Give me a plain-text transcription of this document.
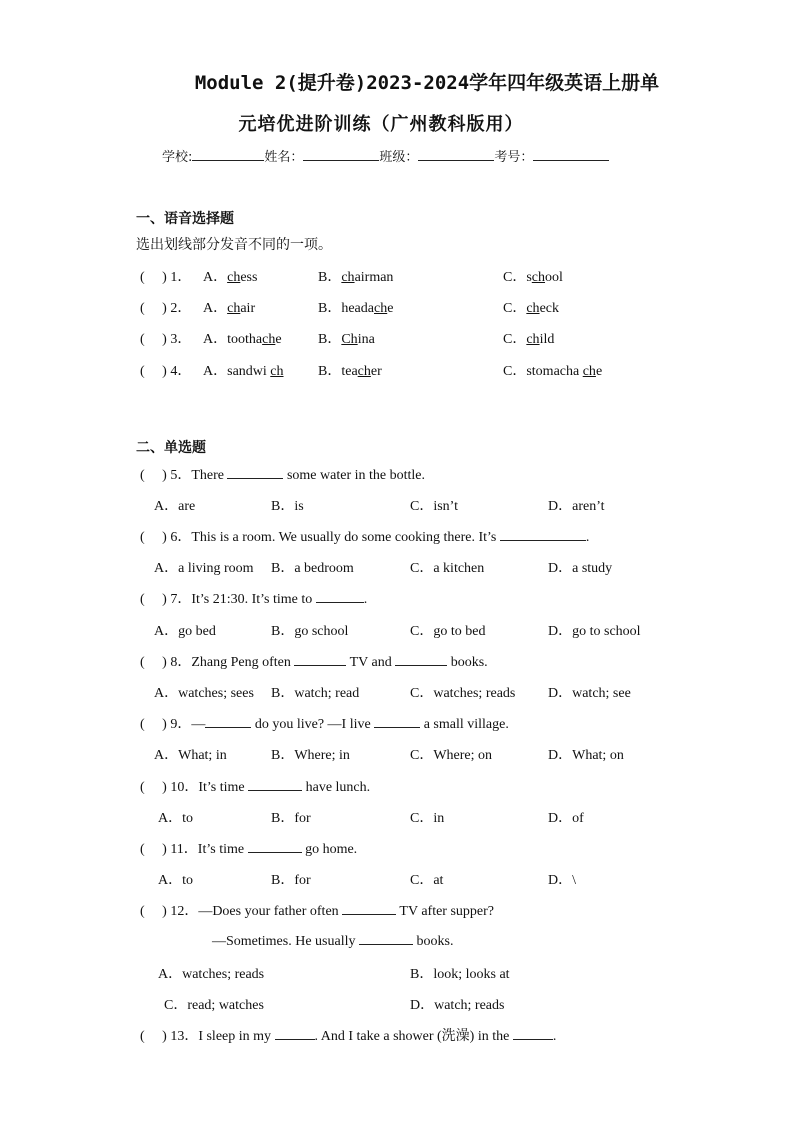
Module 2(提升卷)2023-2024学年四年级英语上册单
元培优进阶训练（广州教科版用）
学校:	姓名：	班级：	考号：
一、语音选择题
选出划线部分发音不同的一项。
(　 ) 1． A．chess	B．chairman	C．school
(　 ) 2． A．chair	B．headache	C．check
(　 ) 3． A．toothache	B．China	C．child
(　 ) 4． A．sandwi ch B．teacher	C．stomacha che
二、单选题
(　 ) 5．There	some water in the bottle.
A．are	B．is	C．isn’t	D．aren’t
(　 ) 6．This is a room. We usually do some cooking there. It’s	.
A．a living room B．a bedroom	C．a kitchen	D．a study
(　 ) 7．It’s 21:30. It’s time to	.
A．go bed	B．go school	C．go to bed	D．go to school
(　 ) 8．Zhang Peng often	TV and	books.
A．watches; sees B．watch; read	C．watches; reads D．watch; see
(　 ) 9．—	do you live? —I live	a small village.
A．What; in	B．Where; in	C．Where; on	D．What; on
(　 ) 10．It’s time	have lunch.
A．to	B．for	C．in	D．of
(　 ) 11．It’s time	go home.
A．to	B．for	C．at	D．\
(　 ) 12．—Does your father often	TV after supper?
—Sometimes. He usually	books.
A．watches; reads	B．look; looks at
C．read; watches	D．watch; reads
(　 ) 13．I sleep in my	. And I take a shower (洗澡) in the	.
